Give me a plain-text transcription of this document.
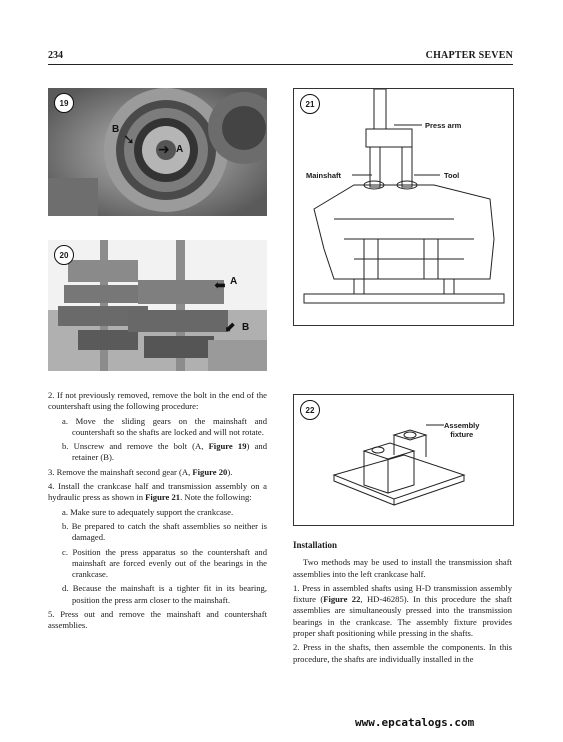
234	CHAPTER SEVEN
19
B
➘
➜ A
20
⬅ A
⬋ B
21
Press arm
Mainshaft	Tool
22
Assembly
fixture

2. If not previously removed, remove the bolt in the end of the countershaft using the following procedure:

a. Move the sliding gears on the mainshaft and countershaft so the shafts are locked and will not rotate.

b. Unscrew and remove the bolt (A, Figure 19) and retainer (B).

3. Remove the mainshaft second gear (A, Figure 20).

4. Install the crankcase half and transmission assembly on a hydraulic press as shown in Figure 21. Note the following:

a. Make sure to adequately support the crankcase.

b. Be prepared to catch the shaft assemblies so neither is damaged.

c. Position the press apparatus so the countershaft and mainshaft are forced evenly out of the bearings in the crankcase.

d. Because the mainshaft is a tighter fit in its bearing, position the press arm closer to the mainshaft.

5. Press out and remove the mainshaft and countershaft assemblies.

Installation

Two methods may be used to install the transmission shaft assemblies into the left crankcase half.

1. Press in assembled shafts using H-D transmission assembly fixture (Figure 22, HD-46285). In this procedure the shaft assemblies are simultaneously pressed into the transmission bearings in the crankcase. The assembly fixture provides proper shaft positioning while pressing in the shafts.

2. Press in the shafts, then assemble the components. In this procedure, the shafts are individually installed in the

www.epcatalogs.com
